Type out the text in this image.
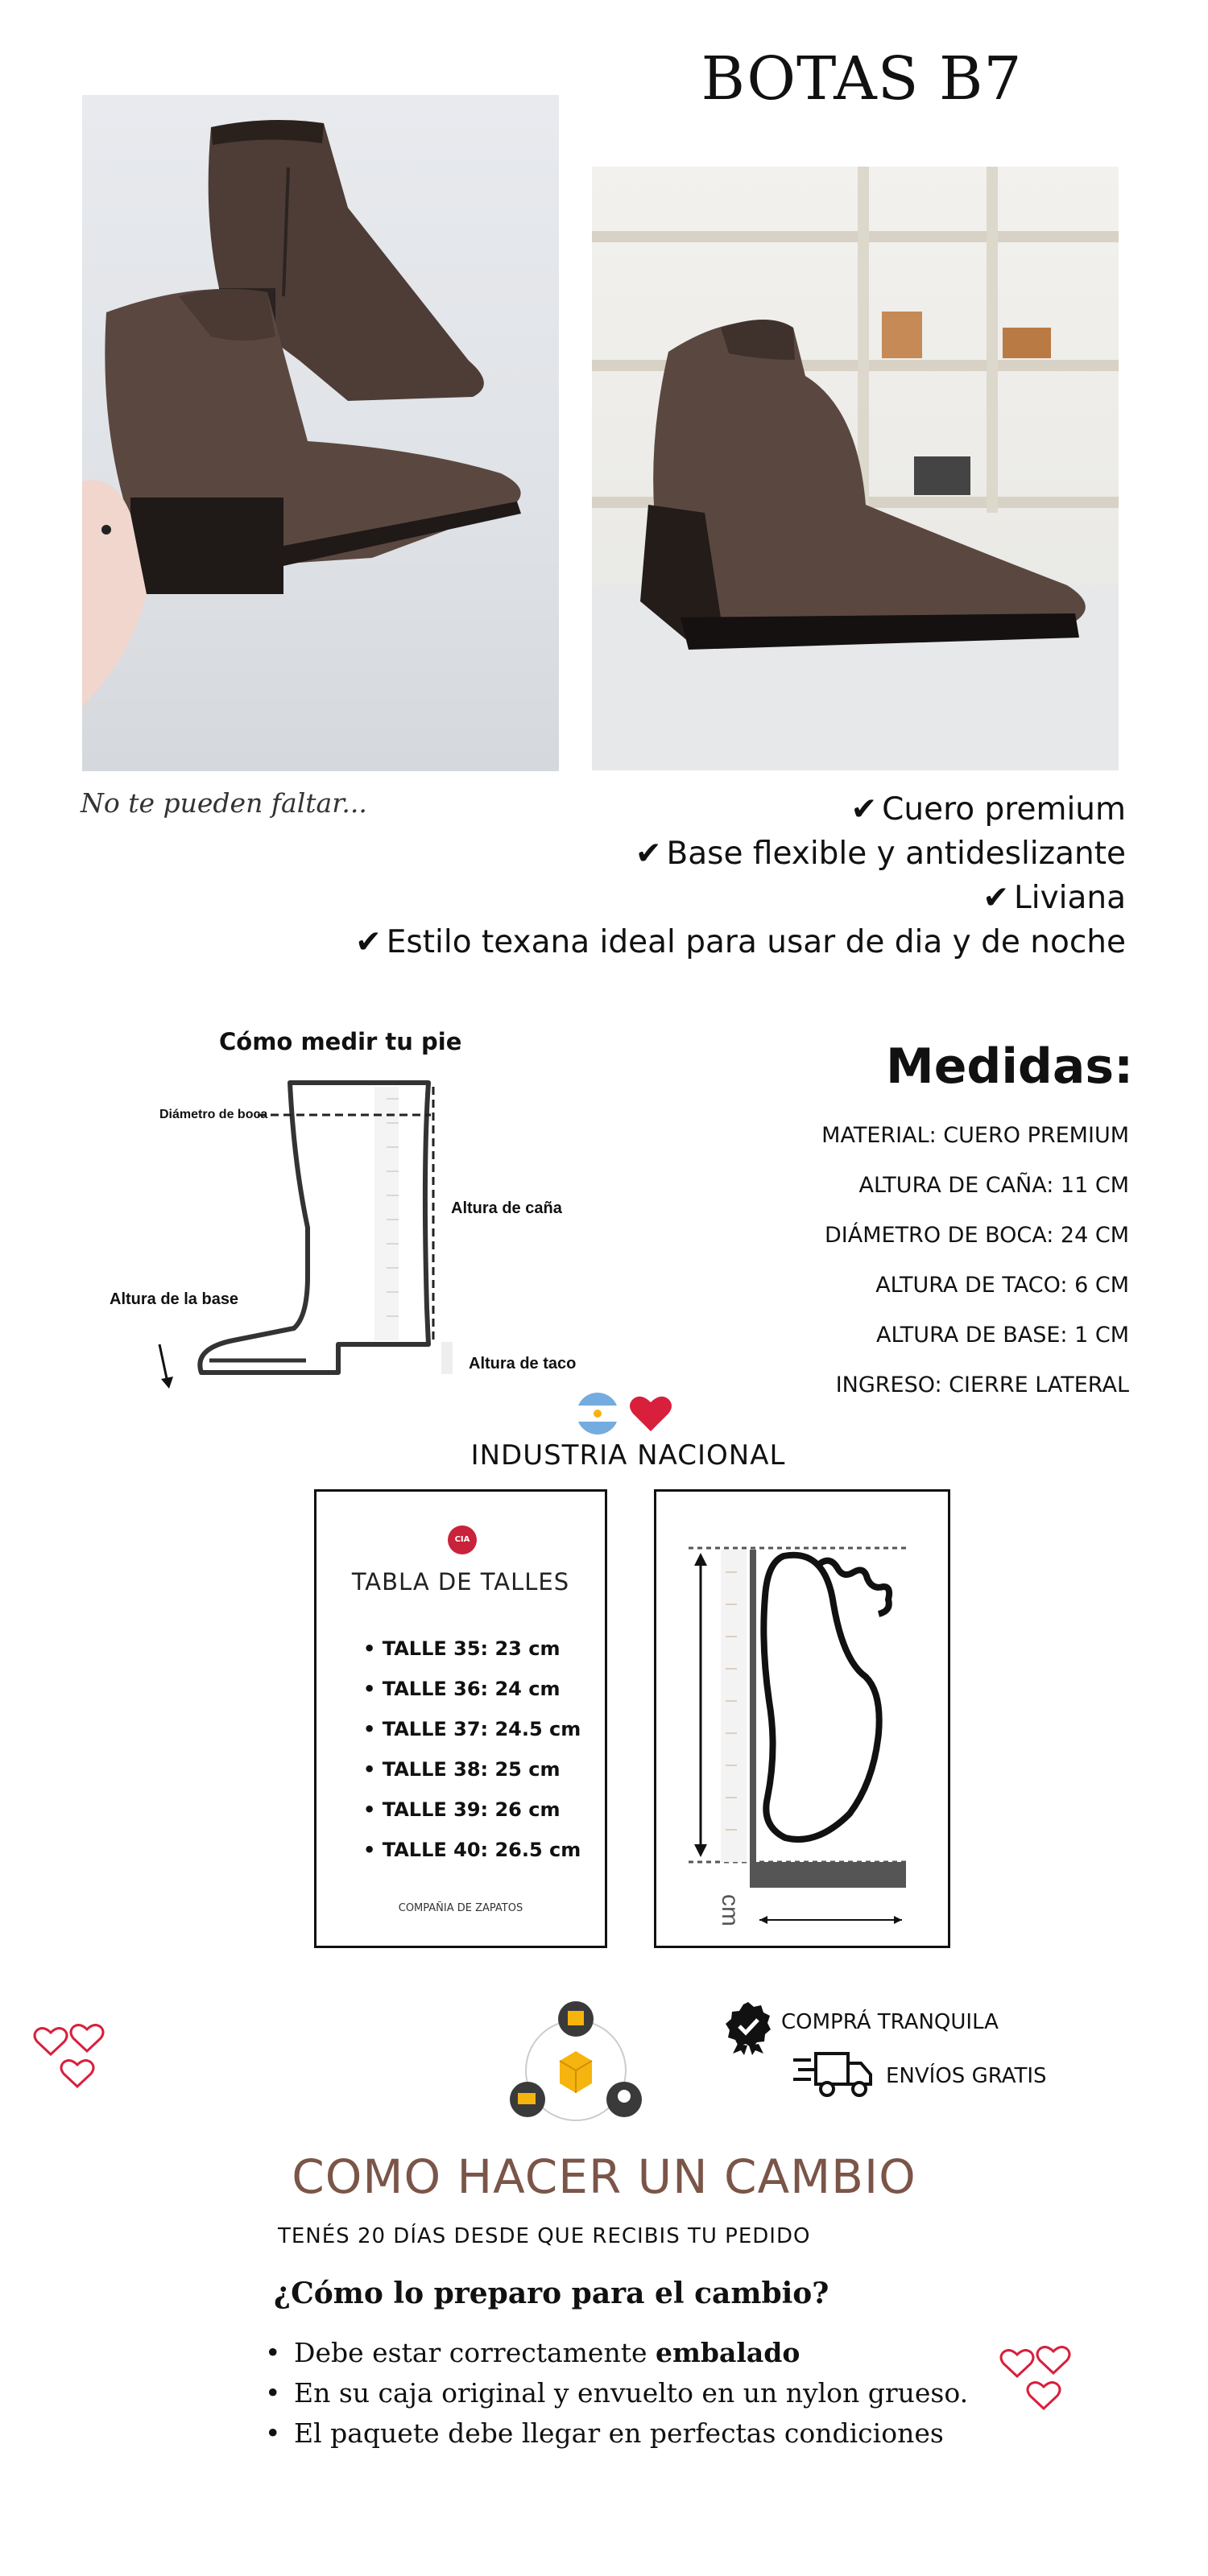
BOTAS B7
No te pueden faltar...	✔ Cuero premium
✔ Base flexible y antideslizante
✔ Liviana
✔ Estilo texana ideal para usar de dia y de noche
Cómo medir tu pie
Diámetro de boca
Altura de caña
Altura de la base
Altura de taco
Medidas:
MATERIAL: CUERO PREMIUM
ALTURA DE CAÑA: 11 CM
DIÁMETRO DE BOCA: 24 CM
ALTURA DE TACO: 6 CM
ALTURA DE BASE: 1 CM
INGRESO: CIERRE LATERAL
INDUSTRIA NACIONAL
CIA
TABLA DE TALLES
• TALLE 35: 23 cm
• TALLE 36: 24 cm
• TALLE 37: 24.5 cm
• TALLE 38: 25 cm
• TALLE 39: 26 cm
• TALLE 40: 26.5 cm
COMPAÑIA DE ZAPATOS	cm
COMPRÁ TRANQUILA
ENVÍOS GRATIS
COMO HACER UN CAMBIO
TENÉS 20 DÍAS DESDE QUE RECIBIS TU PEDIDO
¿Cómo lo preparo para el cambio?
• Debe estar correctamente embalado
• En su caja original y envuelto en un nylon grueso.
• El paquete debe llegar en perfectas condiciones
